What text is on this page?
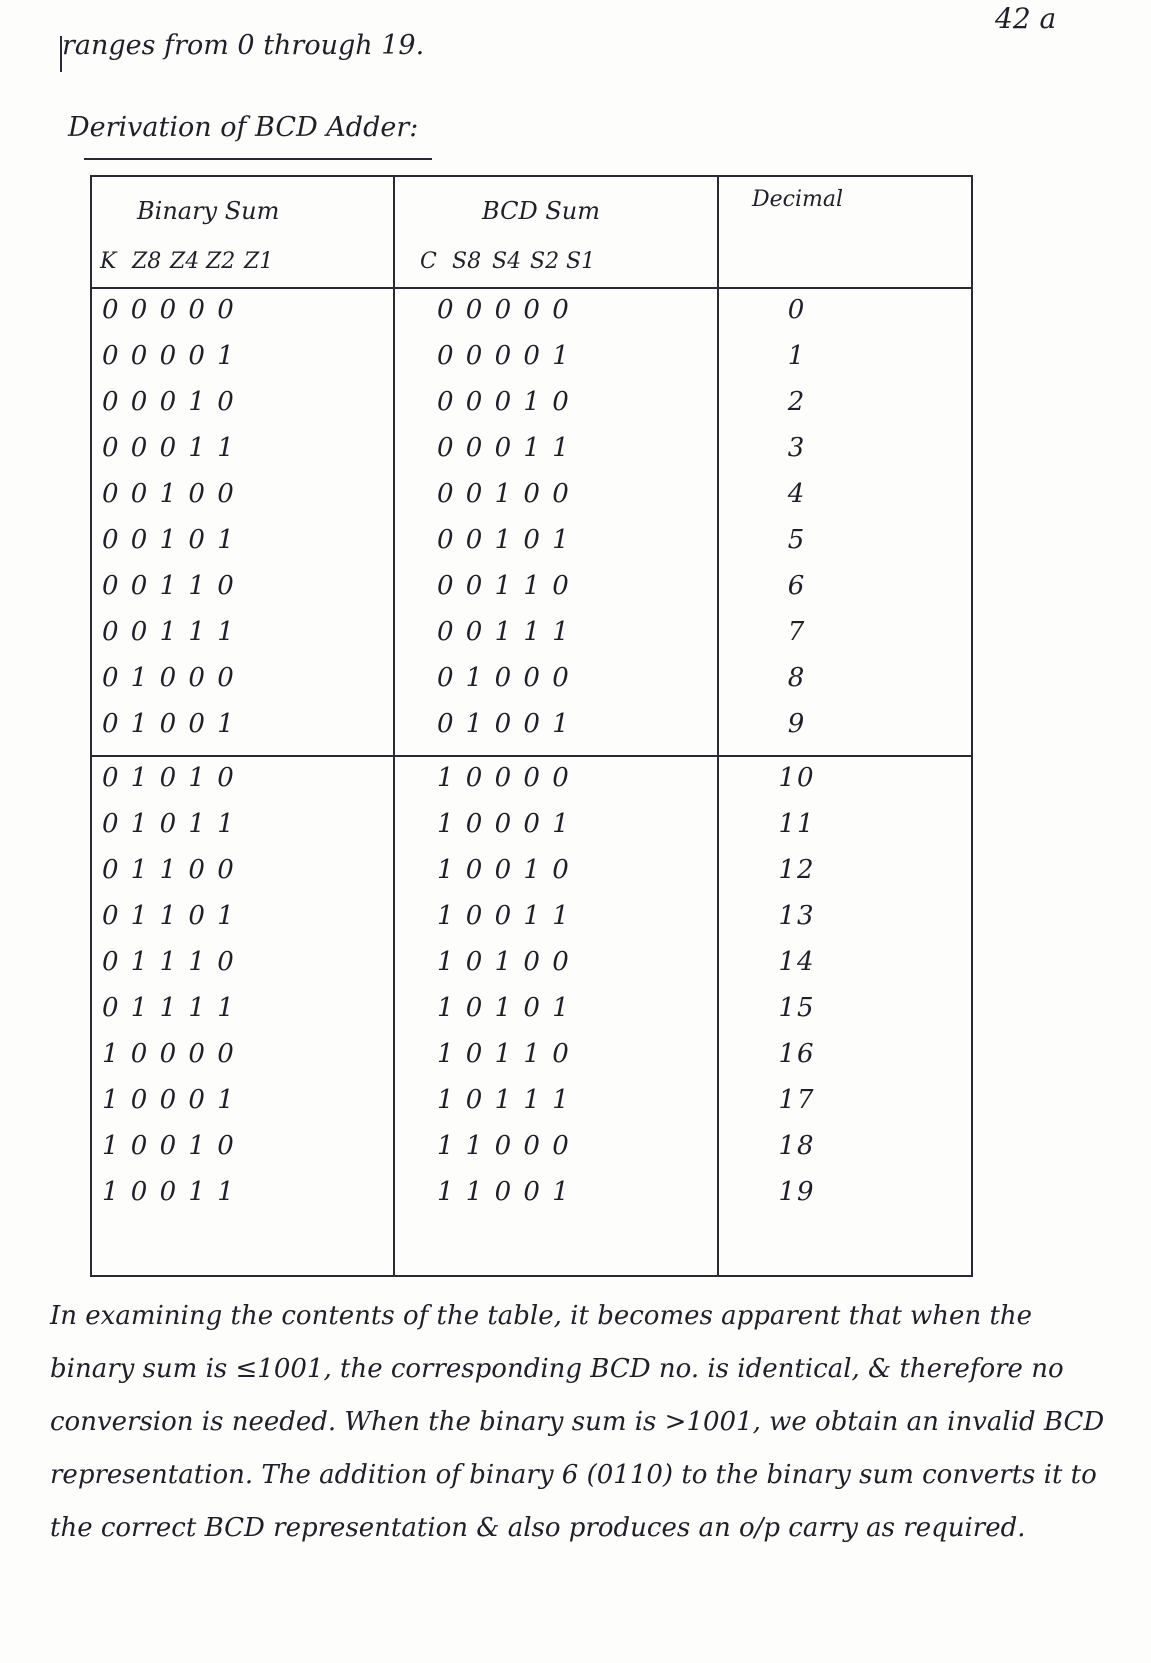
42 a
ranges from 0 through 19.
Derivation of BCD Adder:
Binary Sum	BCD Sum	Decimal
K Z8 Z4 Z2 Z1	C S8 S4 S2 S1
0 0 0 0 0	0 0 0 0 0	0
0 0 0 0 1	0 0 0 0 1	1
0 0 0 1 0	0 0 0 1 0	2
0 0 0 1 1	0 0 0 1 1	3
0 0 1 0 0	0 0 1 0 0	4
0 0 1 0 1	0 0 1 0 1	5
0 0 1 1 0	0 0 1 1 0	6
0 0 1 1 1	0 0 1 1 1	7
0 1 0 0 0	0 1 0 0 0	8
0 1 0 0 1	0 1 0 0 1	9
0 1 0 1 0	1 0 0 0 0	10
0 1 0 1 1	1 0 0 0 1	11
0 1 1 0 0	1 0 0 1 0	12
0 1 1 0 1	1 0 0 1 1	13
0 1 1 1 0	1 0 1 0 0	14
0 1 1 1 1	1 0 1 0 1	15
1 0 0 0 0	1 0 1 1 0	16
1 0 0 0 1	1 0 1 1 1	17
1 0 0 1 0	1 1 0 0 0	18
1 0 0 1 1	1 1 0 0 1	19
In examining the contents of the table, it becomes apparent that when the binary sum is ≤1001, the corresponding BCD no. is identical, & therefore no conversion is needed. When the binary sum is >1001, we obtain an invalid BCD representation. The addition of binary 6 (0110) to the binary sum converts it to the correct BCD representation & also produces an o/p carry as required.
